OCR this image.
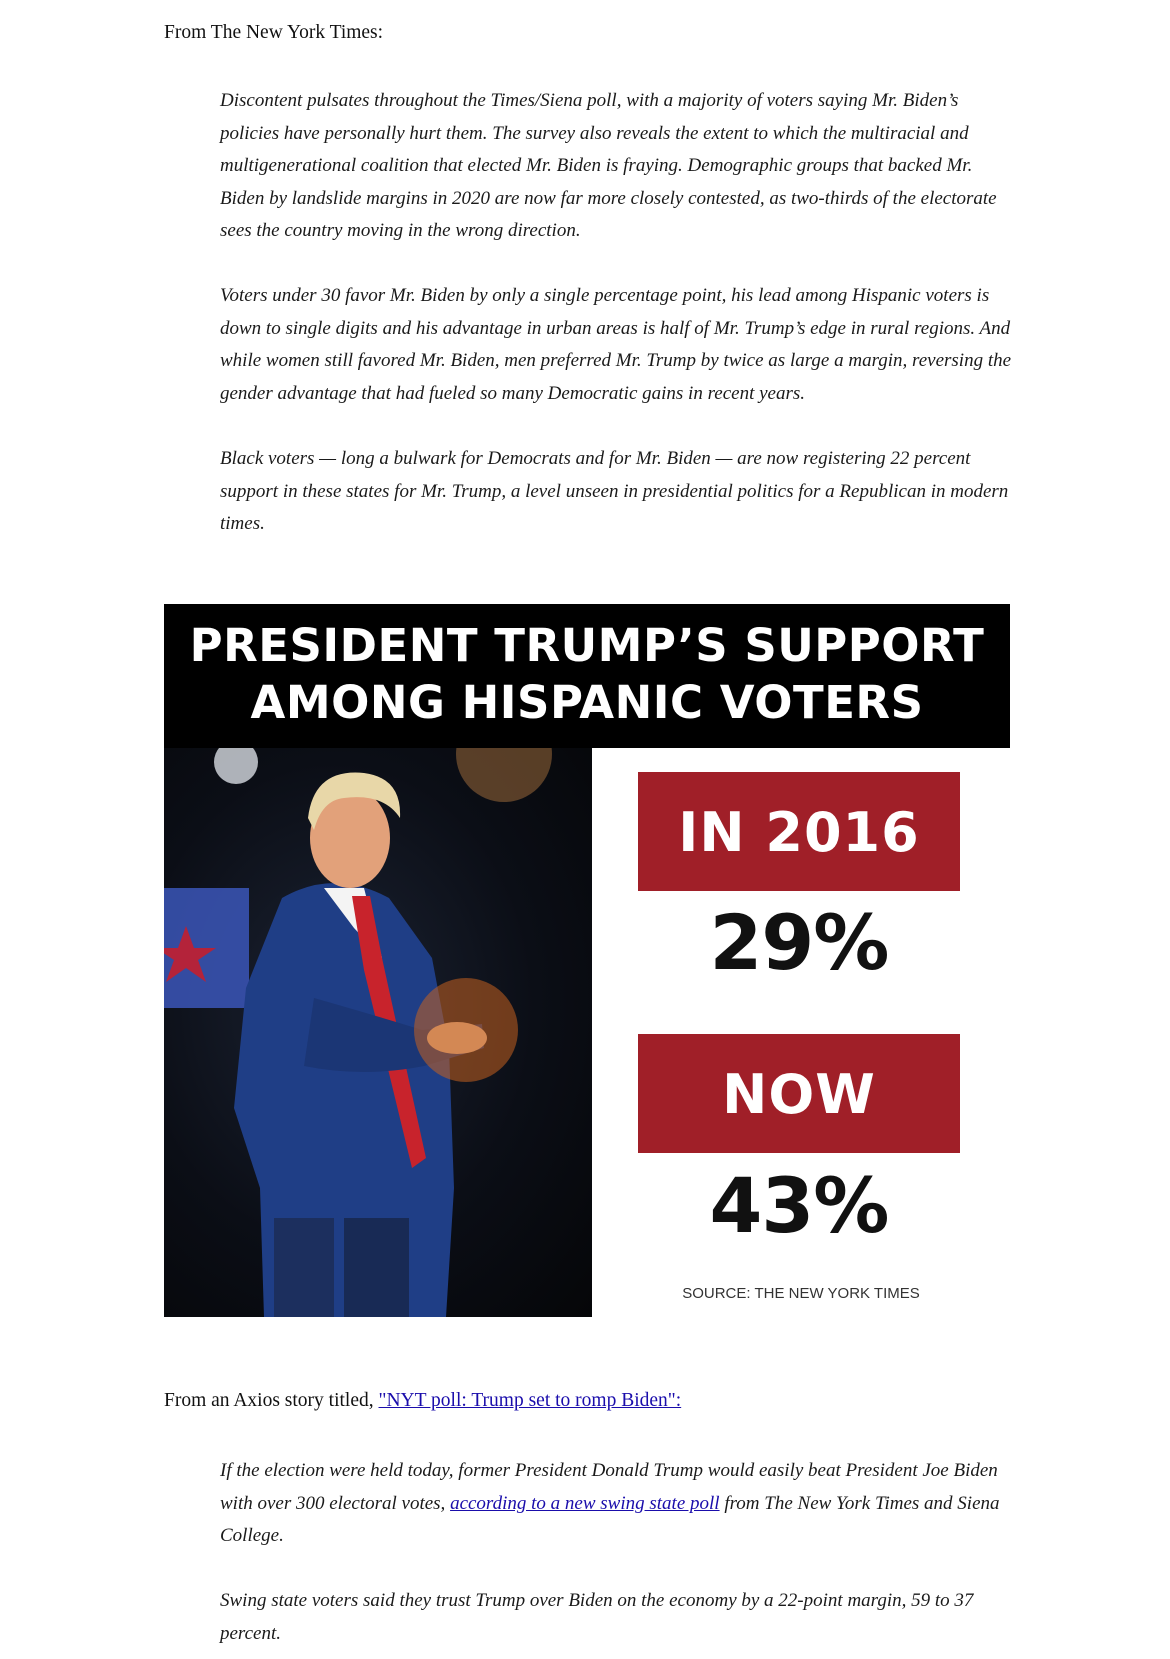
From The New York Times:

Discontent pulsates throughout the Times/Siena poll, with a majority of voters saying Mr. Biden’s policies have personally hurt them. The survey also reveals the extent to which the multiracial and multigenerational coalition that elected Mr. Biden is fraying. Demographic groups that backed Mr. Biden by landslide margins in 2020 are now far more closely contested, as two-thirds of the electorate sees the country moving in the wrong direction.

Voters under 30 favor Mr. Biden by only a single percentage point, his lead among Hispanic voters is down to single digits and his advantage in urban areas is half of Mr. Trump’s edge in rural regions. And while women still favored Mr. Biden, men preferred Mr. Trump by twice as large a margin, reversing the gender advantage that had fueled so many Democratic gains in recent years.

Black voters — long a bulwark for Democrats and for Mr. Biden — are now registering 22 percent support in these states for Mr. Trump, a level unseen in presidential politics for a Republican in modern times.

PRESIDENT TRUMP’S SUPPORT
AMONG HISPANIC VOTERS
IN 2016
29%
NOW
43%
SOURCE: THE NEW YORK TIMES

From an Axios story titled, "NYT poll: Trump set to romp Biden":

If the election were held today, former President Donald Trump would easily beat President Joe Biden with over 300 electoral votes, according to a new swing state poll from The New York Times and Siena College.

Swing state voters said they trust Trump over Biden on the economy by a 22-point margin, 59 to 37 percent.
